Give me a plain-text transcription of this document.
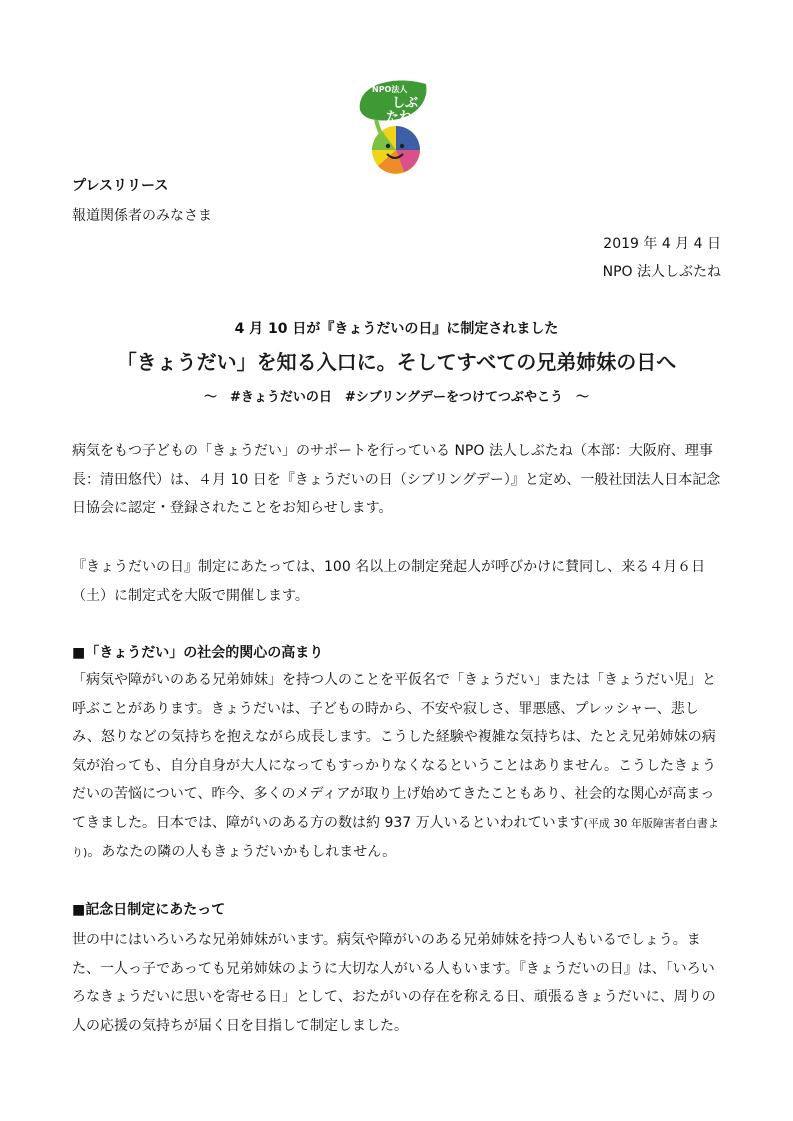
NPO法人
しぶ
たね
プレスリリース
報道関係者のみなさま
2019 年 4 月 4 日
NPO 法人しぶたね
4 月 10 日が『きょうだいの日』に制定されました
「きょうだい」を知る入口に。そしてすべての兄弟姉妹の日へ
～　#きょうだいの日　#シブリングデーをつけてつぶやこう　～
病気をもつ子どもの「きょうだい」のサポートを行っている NPO 法人しぶたね（本部：大阪府、理事長：清田悠代）は、４月 10 日を『きょうだいの日（シブリングデー）』と定め、一般社団法人日本記念日協会に認定・登録されたことをお知らせします。
『きょうだいの日』制定にあたっては、100 名以上の制定発起人が呼びかけに賛同し、来る４月６日（土）に制定式を大阪で開催します。
■「きょうだい」の社会的関心の高まり
「病気や障がいのある兄弟姉妹」を持つ人のことを平仮名で「きょうだい」または「きょうだい児」と呼ぶことがあります。きょうだいは、子どもの時から、不安や寂しさ、罪悪感、プレッシャー、悲しみ、怒りなどの気持ちを抱えながら成長します。こうした経験や複雑な気持ちは、たとえ兄弟姉妹の病気が治っても、自分自身が大人になってもすっかりなくなるということはありません。こうしたきょうだいの苦悩について、昨今、多くのメディアが取り上げ始めてきたこともあり、社会的な関心が高まってきました。日本では、障がいのある方の数は約 937 万人いるといわれています(平成 30 年版障害者白書より)。あなたの隣の人もきょうだいかもしれません。
■記念日制定にあたって
世の中にはいろいろな兄弟姉妹がいます。病気や障がいのある兄弟姉妹を持つ人もいるでしょう。また、一人っ子であっても兄弟姉妹のように大切な人がいる人もいます。『きょうだいの日』は、「いろいろなきょうだいに思いを寄せる日」として、おたがいの存在を称える日、頑張るきょうだいに、周りの人の応援の気持ちが届く日を目指して制定しました。
